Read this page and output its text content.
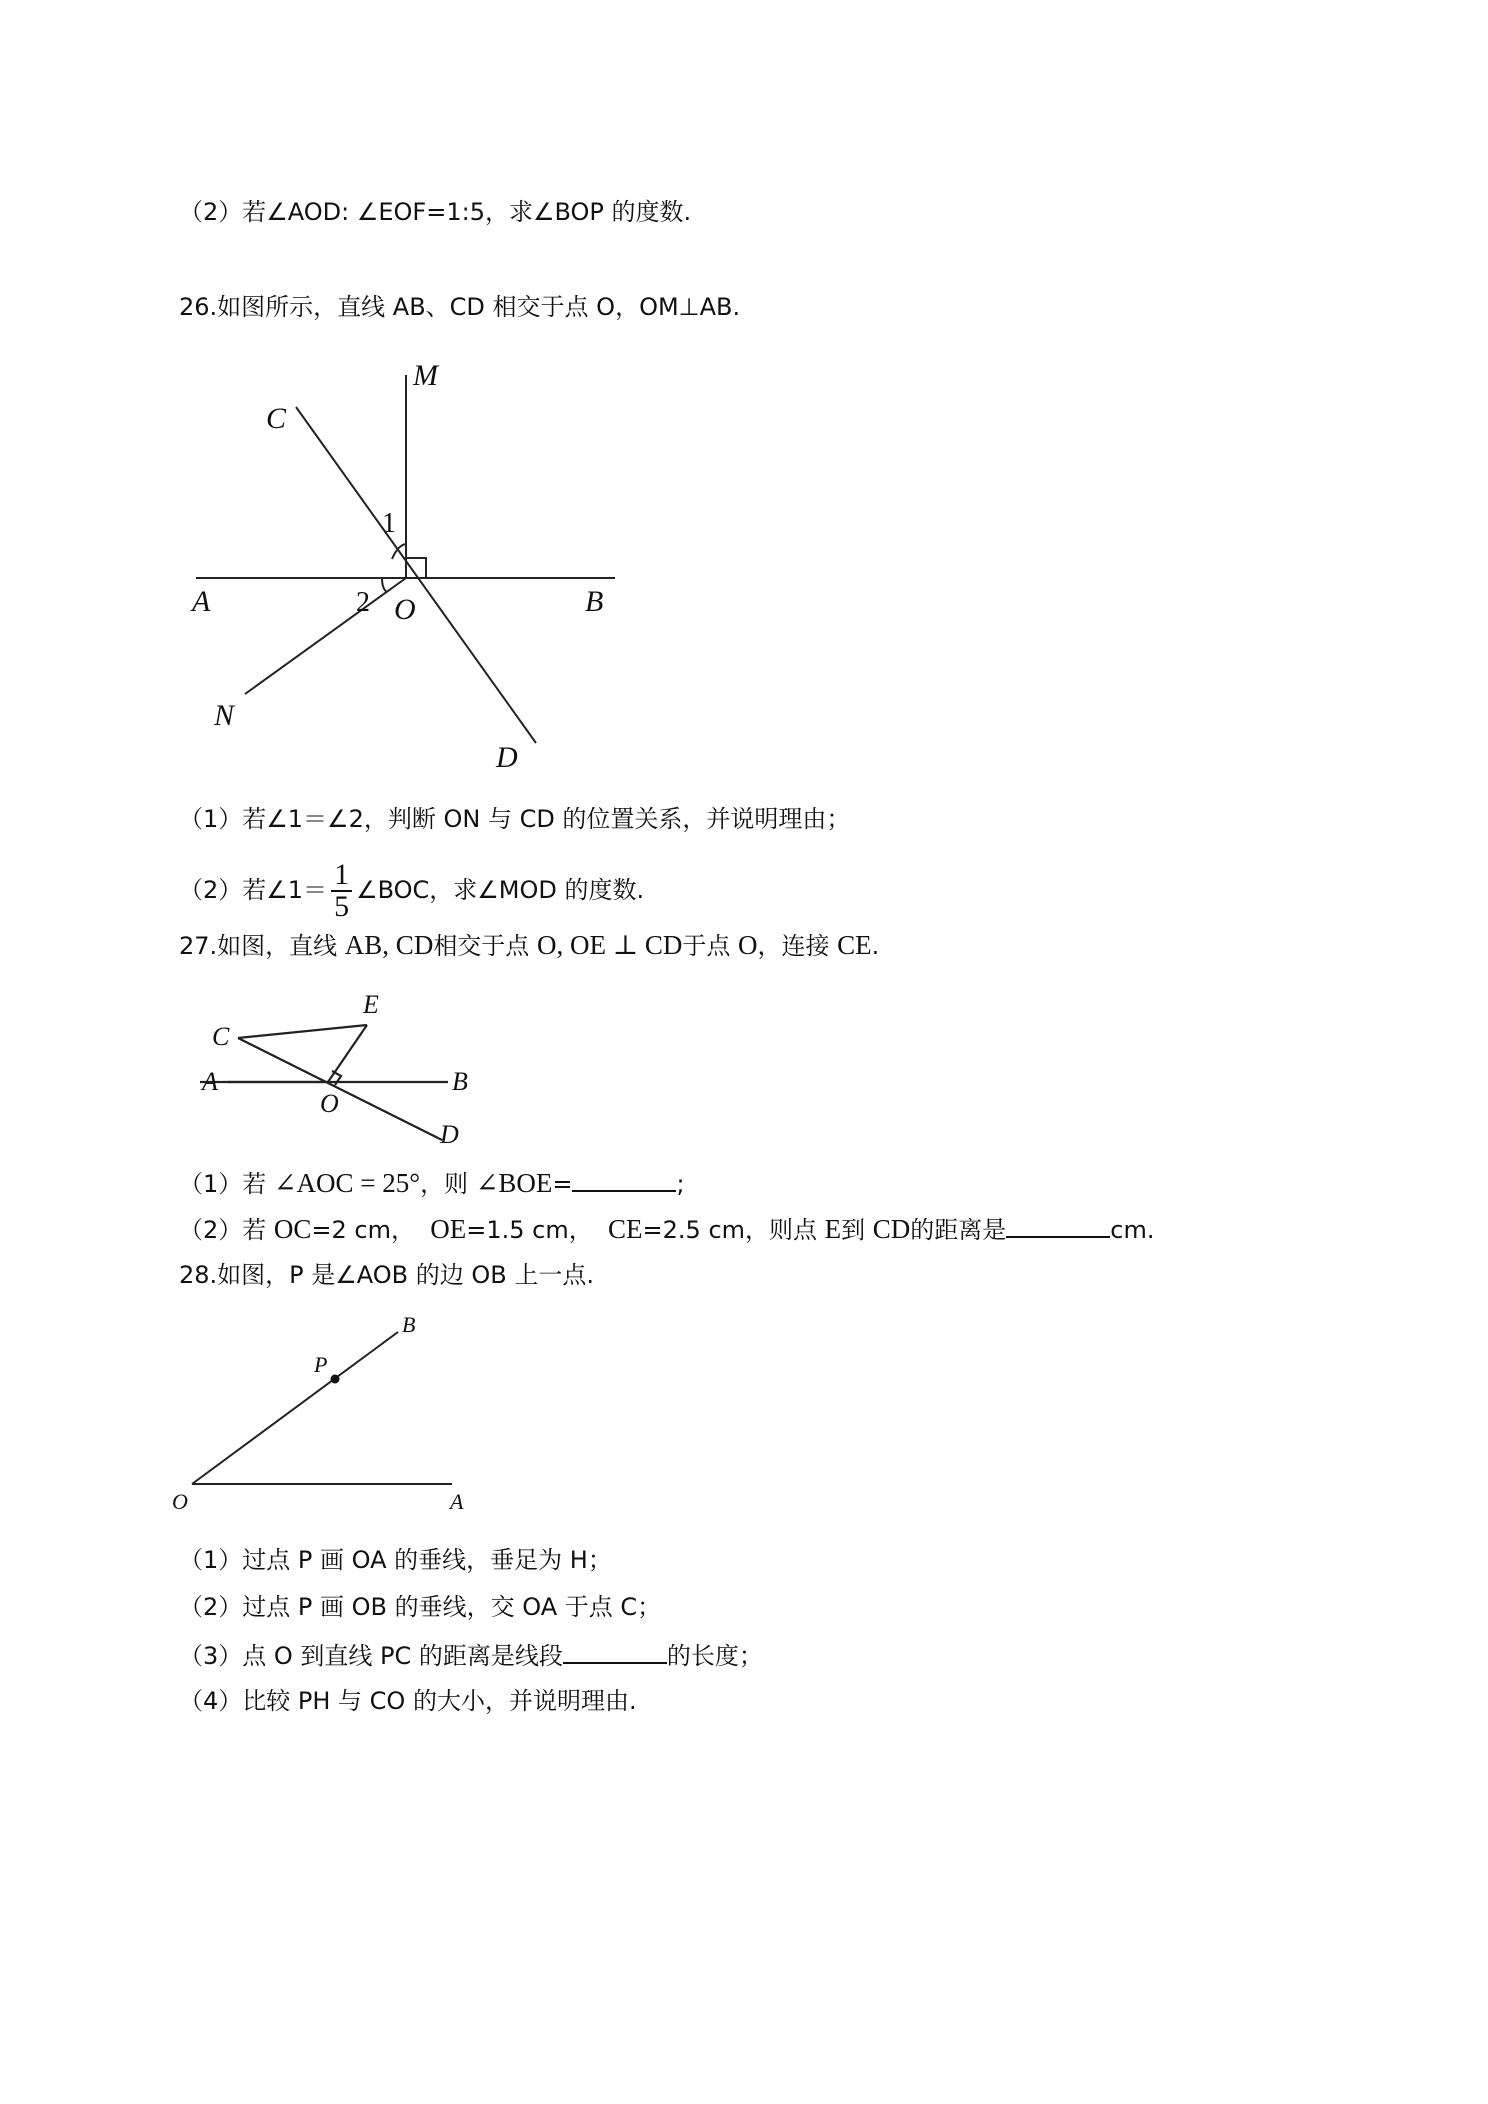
（2）若∠AOD: ∠EOF=1:5，求∠BOP 的度数.
26.如图所示，直线 AB、CD 相交于点 O，OM⊥AB.
M
C
1
A	2 O	B
N
D
（1）若∠1＝∠2，判断 ON 与 CD 的位置关系，并说明理由；
（2）若∠1＝ $\frac{1}{5}$ ∠BOC，求∠MOD 的度数.
27.如图，直线 AB, CD相交于点 O, OE ⊥ CD于点 O，连接 CE.
E
C
A	B
O
D
（1）若 ∠AOC = 25°，则 ∠BOE=	;
（2）若 OC=2 cm，  OE=1.5 cm，  CE=2.5 cm，则点 E到 CD的距离是	cm.
28.如图，P 是∠AOB 的边 OB 上一点.
B
P
O	A
（1）过点 P 画 OA 的垂线，垂足为 H；
（2）过点 P 画 OB 的垂线，交 OA 于点 C；
（3）点 O 到直线 PC 的距离是线段	的长度；
（4）比较 PH 与 CO 的大小，并说明理由.
